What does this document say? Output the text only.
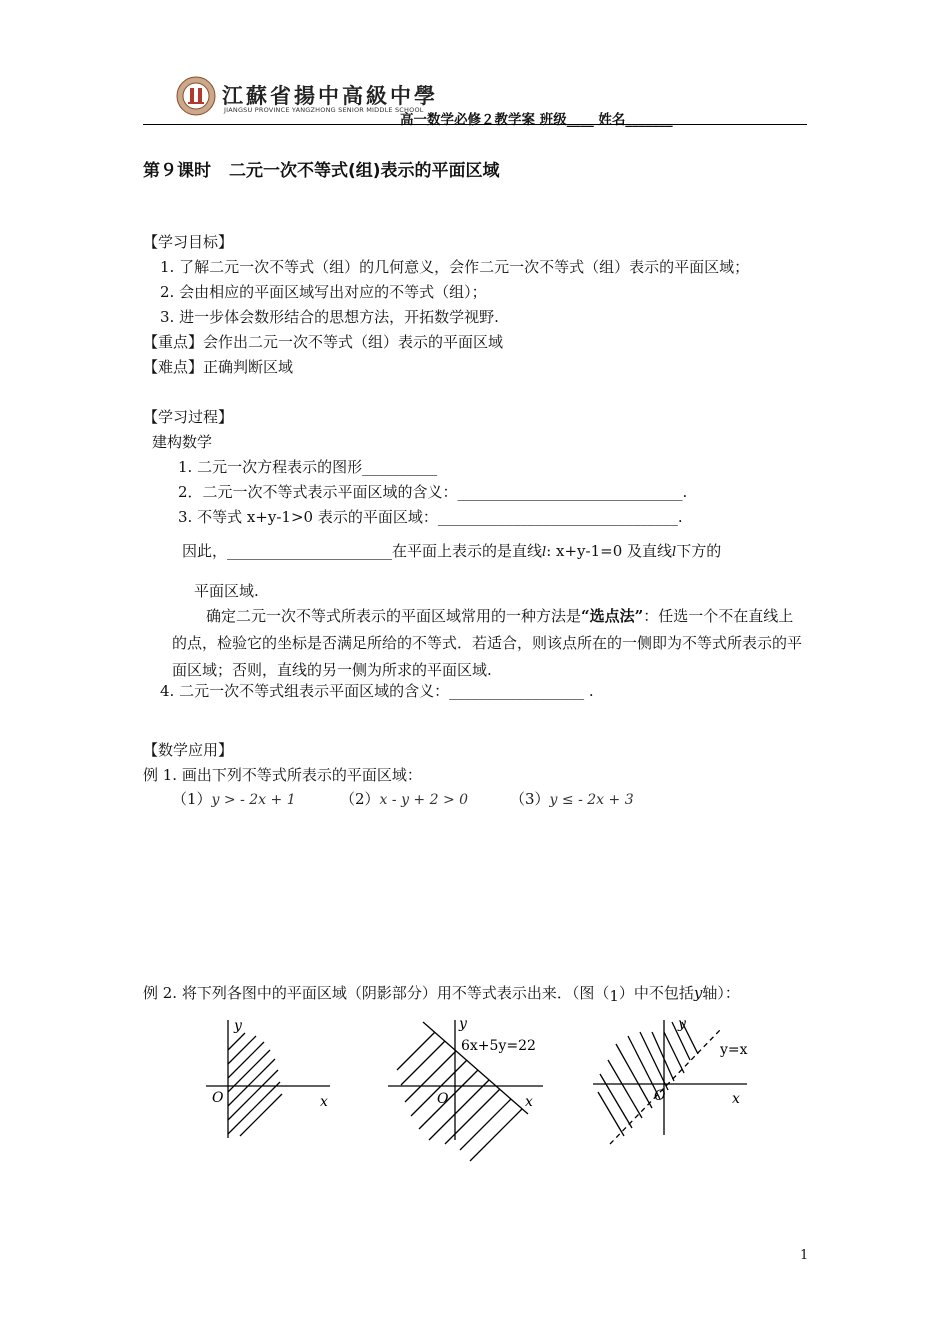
江蘇省揚中高級中學
JIANGSU PROVINCE YANGZHONG SENIOR MIDDLE SCHOOL
高一数学必修２教学案 班级____ 姓名_______
第９课时 二元一次不等式(组)表示的平面区域
【学习目标】
1. 了解二元一次不等式（组）的几何意义，会作二元一次不等式（组）表示的平面区域；
2. 会由相应的平面区域写出对应的不等式（组）；
3. 进一步体会数形结合的思想方法，开拓数学视野.
【重点】会作出二元一次不等式（组）表示的平面区域
【难点】正确判断区域
【学习过程】
建构数学
1. 二元一次方程表示的图形__________
2．二元一次不等式表示平面区域的含义：______________________________.
3. 不等式 x+y-1>0 表示的平面区域：________________________________.
因此，______________________在平面上表示的是直线l: x+y-1=0 及直线l下方的
平面区域.
确定二元一次不等式所表示的平面区域常用的一种方法是“选点法”：任选一个不在直线上的点，检验它的坐标是否满足所给的不等式．若适合，则该点所在的一侧即为不等式所表示的平面区域；否则，直线的另一侧为所求的平面区域.
4. 二元一次不等式组表示平面区域的含义：__________________ .
【数学应用】
例 1. 画出下列不等式所表示的平面区域：
（1）y > - 2x + 1	（2）x - y + 2 > 0	（3）y ≤ - 2x + 3
例 2. 将下列各图中的平面区域（阴影部分）用不等式表示出来．（图（1）中不包括y轴）：
y
x
O
y
x
O
6x+5y=22
y
x
O
y=x
1
